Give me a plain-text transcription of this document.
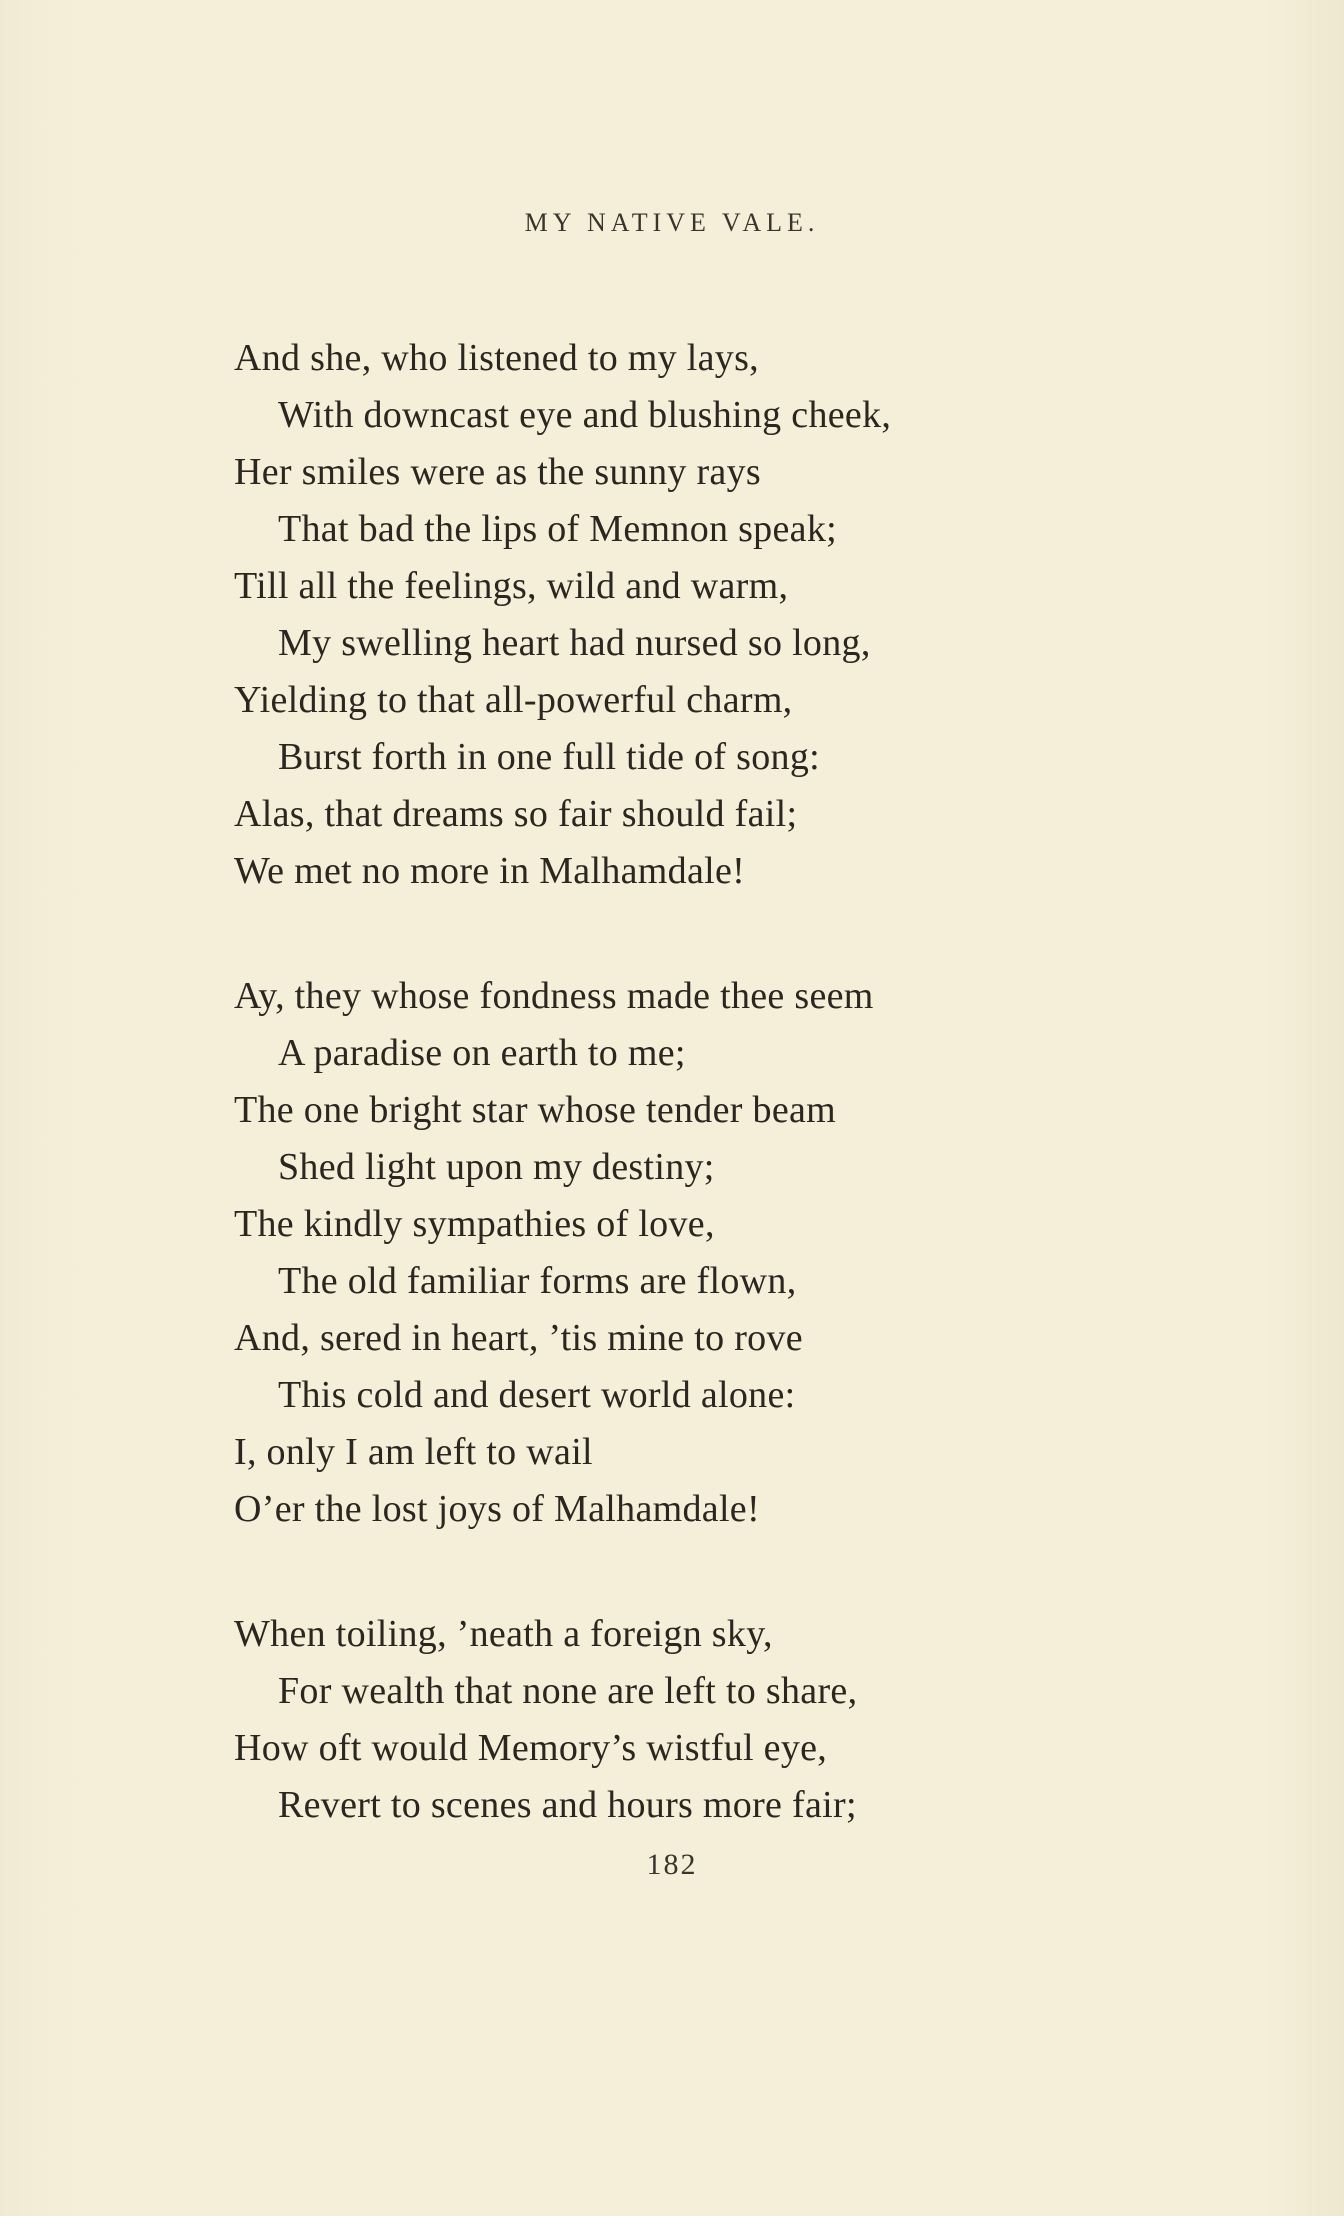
MY NATIVE VALE.
And she, who listened to my lays,
With downcast eye and blushing cheek,
Her smiles were as the sunny rays
That bad the lips of Memnon speak;
Till all the feelings, wild and warm,
My swelling heart had nursed so long,
Yielding to that all-powerful charm,
Burst forth in one full tide of song:
Alas, that dreams so fair should fail;
We met no more in Malhamdale!
Ay, they whose fondness made thee seem
A paradise on earth to me;
The one bright star whose tender beam
Shed light upon my destiny;
The kindly sympathies of love,
The old familiar forms are flown,
And, sered in heart, ’tis mine to rove
This cold and desert world alone:
I, only I am left to wail
O’er the lost joys of Malhamdale!
When toiling, ’neath a foreign sky,
For wealth that none are left to share,
How oft would Memory’s wistful eye,
Revert to scenes and hours more fair;
182
